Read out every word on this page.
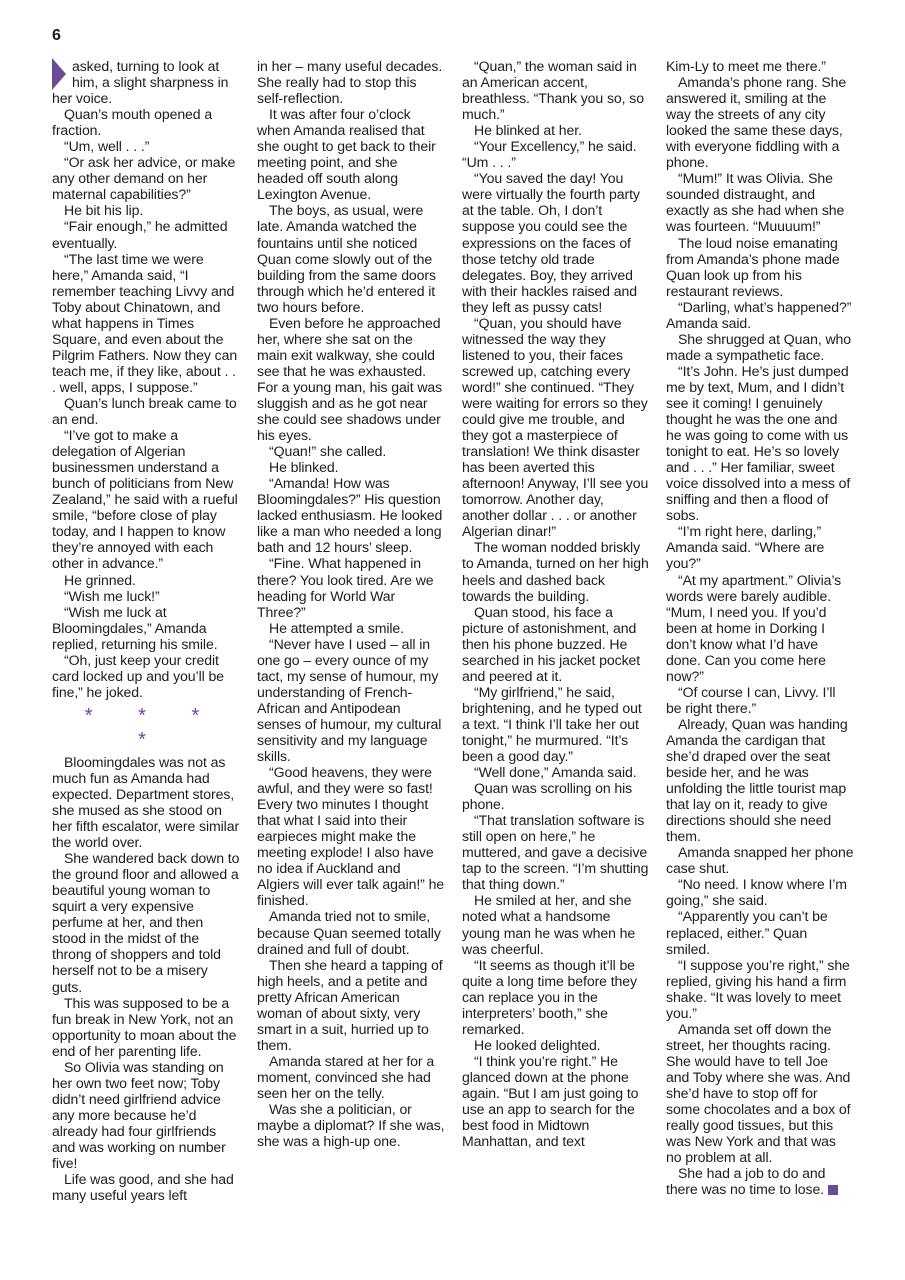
6

asked, turning to look at him, a slight sharpness in her voice.

Quan’s mouth opened a fraction.

“Um, well . . .”

“Or ask her advice, or make any other demand on her maternal capabilities?”

He bit his lip.

“Fair enough,” he admitted eventually.

“The last time we were here,” Amanda said, “I remember teaching Livvy and Toby about Chinatown, and what happens in Times Square, and even about the Pilgrim Fathers. Now they can teach me, if they like, about . . . well, apps, I suppose.”

Quan’s lunch break came to an end.

“I’ve got to make a delegation of Algerian businessmen understand a bunch of politicians from New Zealand,” he said with a rueful smile, “before close of play today, and I happen to know they’re annoyed with each other in advance.”

He grinned.

“Wish me luck!”

“Wish me luck at Bloomingdales,” Amanda replied, returning his smile.

“Oh, just keep your credit card locked up and you’ll be fine,” he joked.

* * * *

Bloomingdales was not as much fun as Amanda had expected. Department stores, she mused as she stood on her fifth escalator, were similar the world over.

She wandered back down to the ground floor and allowed a beautiful young woman to squirt a very expensive perfume at her, and then stood in the midst of the throng of shoppers and told herself not to be a misery guts.

This was supposed to be a fun break in New York, not an opportunity to moan about the end of her parenting life.

So Olivia was standing on her own two feet now; Toby didn’t need girlfriend advice any more because he’d already had four girlfriends and was working on number five!

Life was good, and she had many useful years left

in her – many useful decades. She really had to stop this self-reflection.

It was after four o’clock when Amanda realised that she ought to get back to their meeting point, and she headed off south along Lexington Avenue.

The boys, as usual, were late. Amanda watched the fountains until she noticed Quan come slowly out of the building from the same doors through which he’d entered it two hours before.

Even before he approached her, where she sat on the main exit walkway, she could see that he was exhausted. For a young man, his gait was sluggish and as he got near she could see shadows under his eyes.

“Quan!” she called.

He blinked.

“Amanda! How was Bloomingdales?” His question lacked enthusiasm. He looked like a man who needed a long bath and 12 hours’ sleep.

“Fine. What happened in there? You look tired. Are we heading for World War Three?”

He attempted a smile.

“Never have I used – all in one go – every ounce of my tact, my sense of humour, my understanding of French-African and Antipodean senses of humour, my cultural sensitivity and my language skills.

“Good heavens, they were awful, and they were so fast! Every two minutes I thought that what I said into their earpieces might make the meeting explode! I also have no idea if Auckland and Algiers will ever talk again!” he finished.

Amanda tried not to smile, because Quan seemed totally drained and full of doubt.

Then she heard a tapping of high heels, and a petite and pretty African American woman of about sixty, very smart in a suit, hurried up to them.

Amanda stared at her for a moment, convinced she had seen her on the telly.

Was she a politician, or maybe a diplomat? If she was, she was a high-up one.

“Quan,” the woman said in an American accent, breathless. “Thank you so, so much.”

He blinked at her.

“Your Excellency,” he said. “Um . . .”

“You saved the day! You were virtually the fourth party at the table. Oh, I don’t suppose you could see the expressions on the faces of those tetchy old trade delegates. Boy, they arrived with their hackles raised and they left as pussy cats!

“Quan, you should have witnessed the way they listened to you, their faces screwed up, catching every word!” she continued. “They were waiting for errors so they could give me trouble, and they got a masterpiece of translation! We think disaster has been averted this afternoon! Anyway, I’ll see you tomorrow. Another day, another dollar . . . or another Algerian dinar!”

The woman nodded briskly to Amanda, turned on her high heels and dashed back towards the building.

Quan stood, his face a picture of astonishment, and then his phone buzzed. He searched in his jacket pocket and peered at it.

“My girlfriend,” he said, brightening, and he typed out a text. “I think I’ll take her out tonight,” he murmured. “It’s been a good day.”

“Well done,” Amanda said.

Quan was scrolling on his phone.

“That translation software is still open on here,” he muttered, and gave a decisive tap to the screen. “I’m shutting that thing down.”

He smiled at her, and she noted what a handsome young man he was when he was cheerful.

“It seems as though it’ll be quite a long time before they can replace you in the interpreters’ booth,” she remarked.

He looked delighted.

“I think you’re right.” He glanced down at the phone again. “But I am just going to use an app to search for the best food in Midtown Manhattan, and text

Kim-Ly to meet me there.”

Amanda’s phone rang. She answered it, smiling at the way the streets of any city looked the same these days, with everyone fiddling with a phone.

“Mum!” It was Olivia. She sounded distraught, and exactly as she had when she was fourteen. “Muuuum!”

The loud noise emanating from Amanda’s phone made Quan look up from his restaurant reviews.

“Darling, what’s happened?” Amanda said.

She shrugged at Quan, who made a sympathetic face.

“It’s John. He’s just dumped me by text, Mum, and I didn’t see it coming! I genuinely thought he was the one and he was going to come with us tonight to eat. He’s so lovely and . . .” Her familiar, sweet voice dissolved into a mess of sniffing and then a flood of sobs.

“I’m right here, darling,” Amanda said. “Where are you?”

“At my apartment.” Olivia’s words were barely audible. “Mum, I need you. If you’d been at home in Dorking I don’t know what I’d have done. Can you come here now?”

“Of course I can, Livvy. I’ll be right there.”

Already, Quan was handing Amanda the cardigan that she’d draped over the seat beside her, and he was unfolding the little tourist map that lay on it, ready to give directions should she need them.

Amanda snapped her phone case shut.

“No need. I know where I’m going,” she said.

“Apparently you can’t be replaced, either.” Quan smiled.

“I suppose you’re right,” she replied, giving his hand a firm shake. “It was lovely to meet you.”

Amanda set off down the street, her thoughts racing. She would have to tell Joe and Toby where she was. And she’d have to stop off for some chocolates and a box of really good tissues, but this was New York and that was no problem at all.

She had a job to do and there was no time to lose.
